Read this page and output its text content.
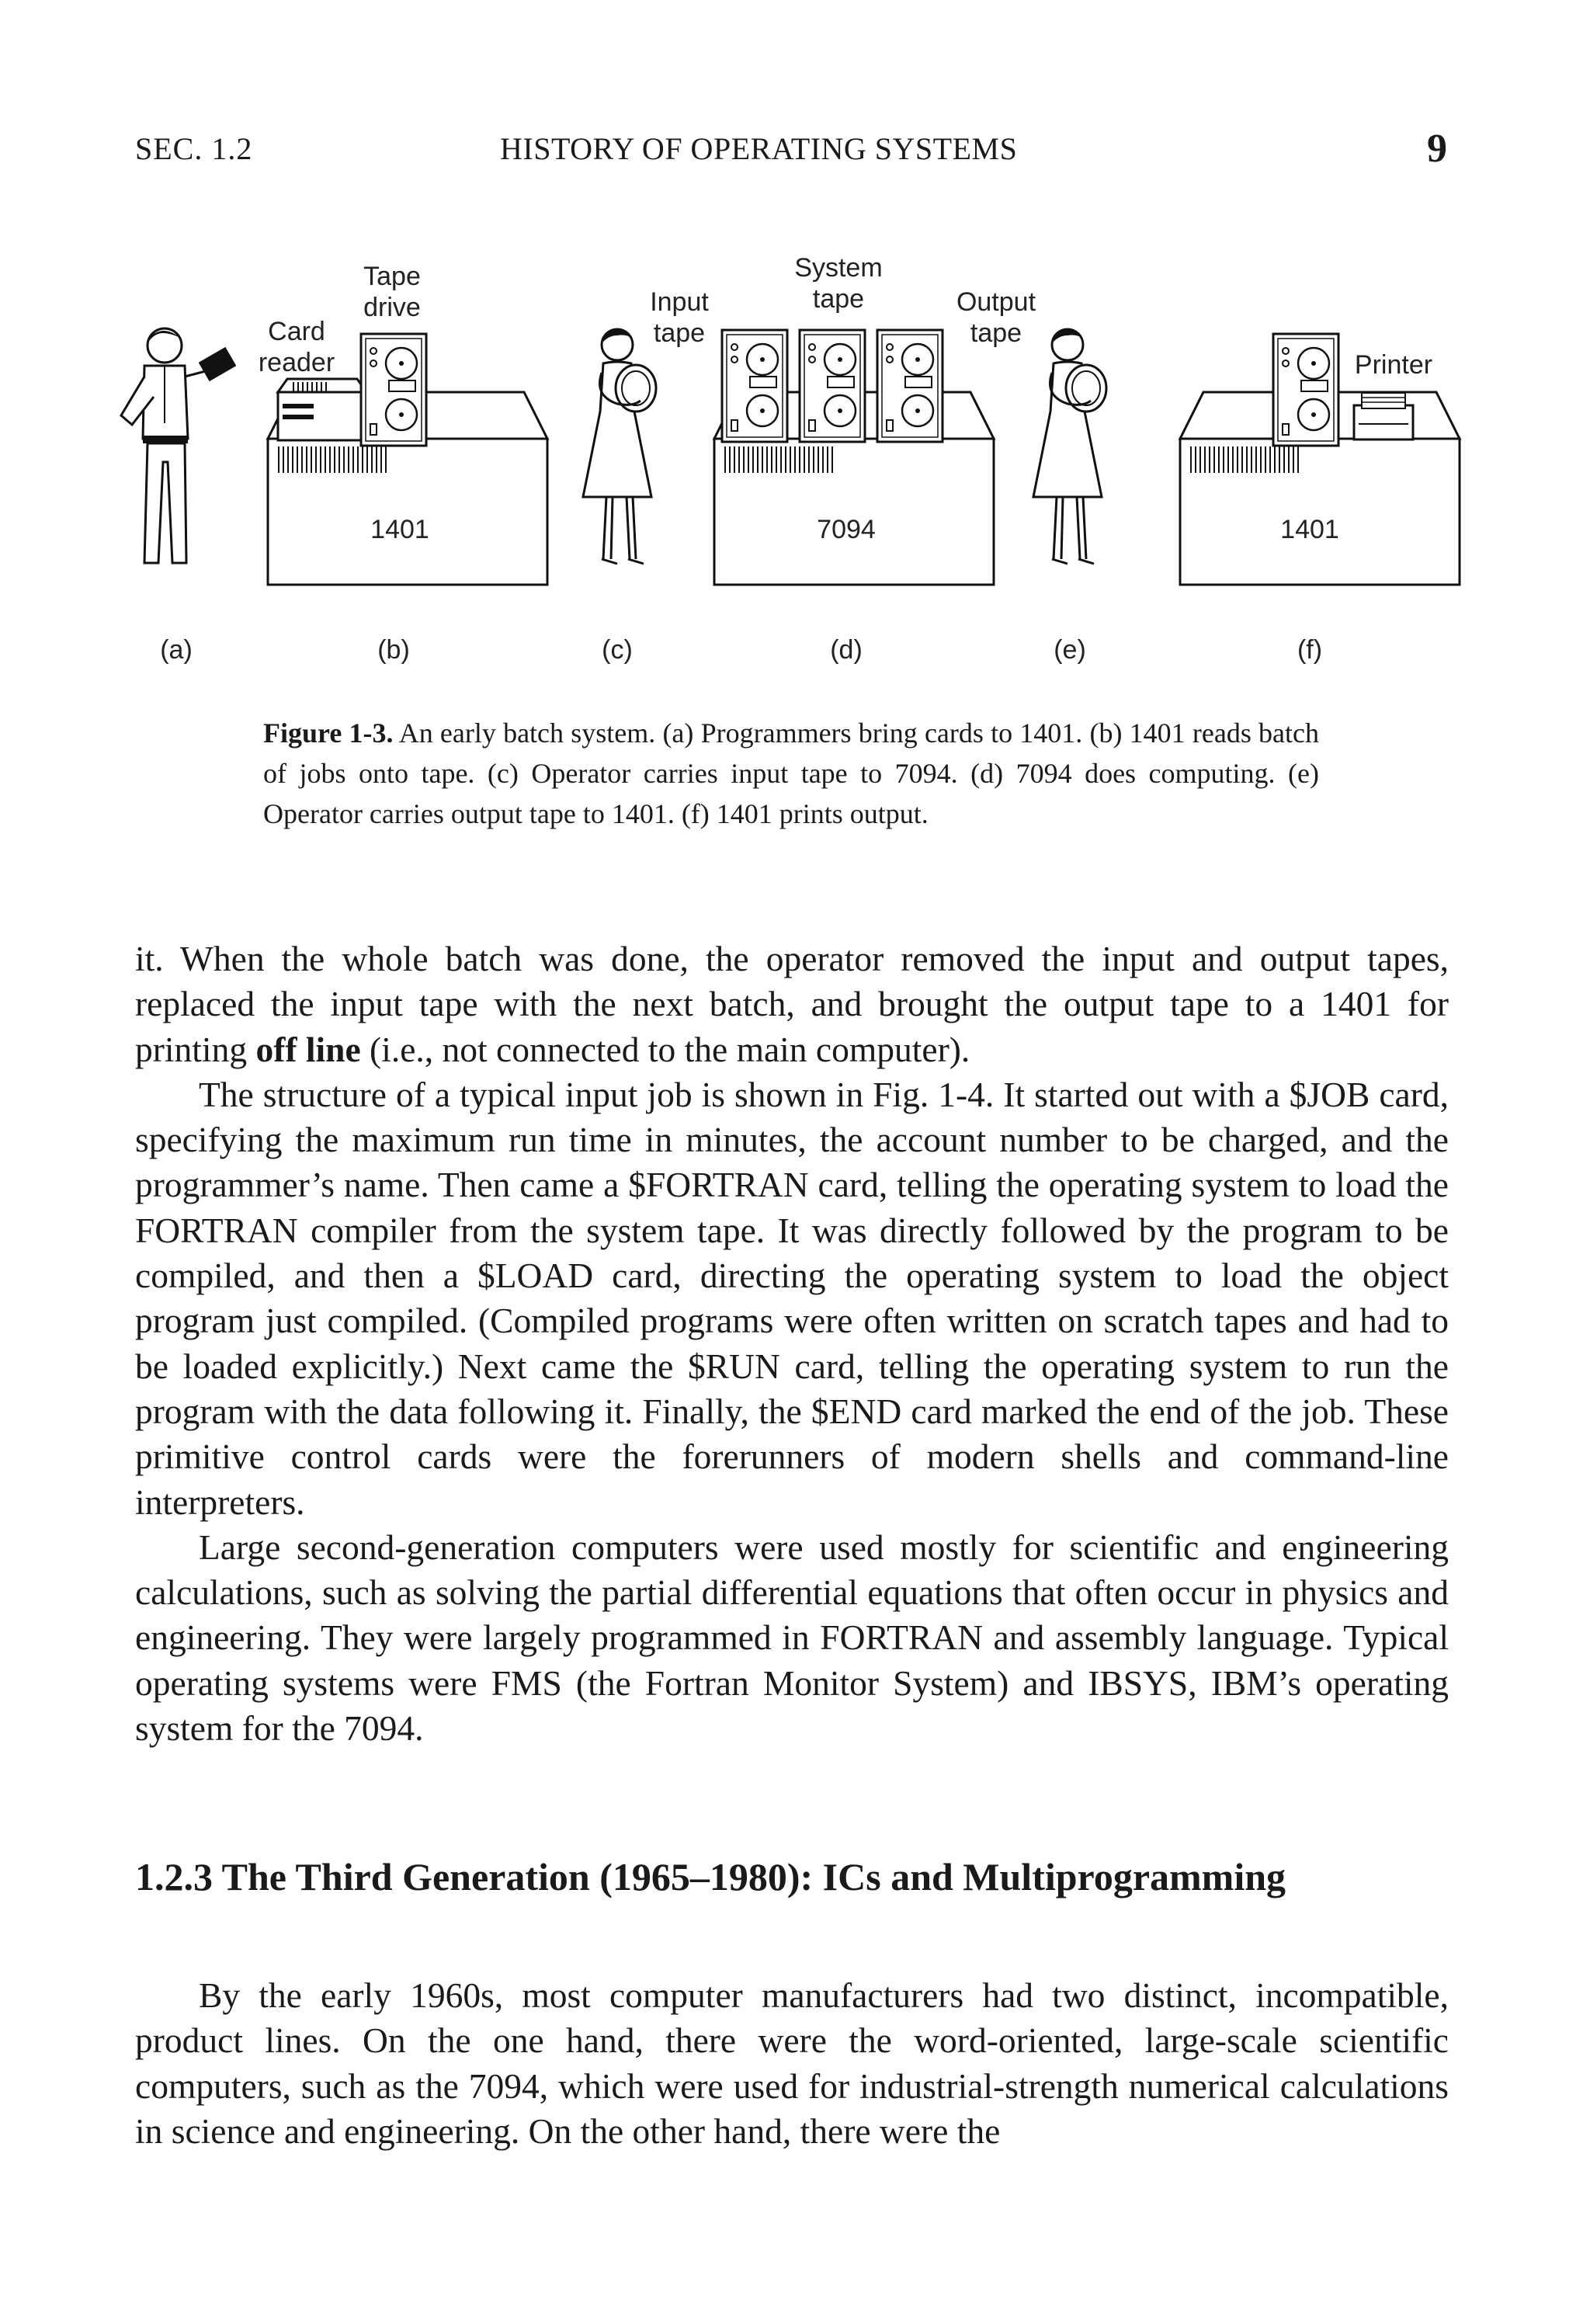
SEC. 1.2	HISTORY OF OPERATING SYSTEMS	9
Tape
drive
Card
reader
Input
tape
System
tape	Output
tape
Printer
1401	7094	1401
(a)	(b)	(c)	(d)	(e)	(f)
Figure 1-3. An early batch system. (a) Programmers bring cards to 1401. (b) 1401 reads batch of jobs onto tape. (c) Operator carries input tape to 7094. (d) 7094 does computing. (e) Operator carries output tape to 1401. (f) 1401 prints output.

it. When the whole batch was done, the operator removed the input and output tapes, replaced the input tape with the next batch, and brought the output tape to a 1401 for printing off line (i.e., not connected to the main computer).

The structure of a typical input job is shown in Fig. 1-4. It started out with a $JOB card, specifying the maximum run time in minutes, the account number to be charged, and the programmer’s name. Then came a $FORTRAN card, telling the operating system to load the FORTRAN compiler from the system tape. It was directly followed by the program to be compiled, and then a $LOAD card, directing the operating system to load the object program just compiled. (Compiled programs were often written on scratch tapes and had to be loaded explicitly.) Next came the $RUN card, telling the operating system to run the program with the data following it. Finally, the $END card marked the end of the job. These primitive control cards were the forerunners of modern shells and command-line interpreters.

Large second-generation computers were used mostly for scientific and engineering calculations, such as solving the partial differential equations that often occur in physics and engineering. They were largely programmed in FORTRAN and assembly language. Typical operating systems were FMS (the Fortran Monitor System) and IBSYS, IBM’s operating system for the 7094.

1.2.3 The Third Generation (1965–1980): ICs and Multiprogramming

By the early 1960s, most computer manufacturers had two distinct, incompatible, product lines. On the one hand, there were the word-oriented, large-scale scientific computers, such as the 7094, which were used for industrial-strength numerical calculations in science and engineering. On the other hand, there were the
